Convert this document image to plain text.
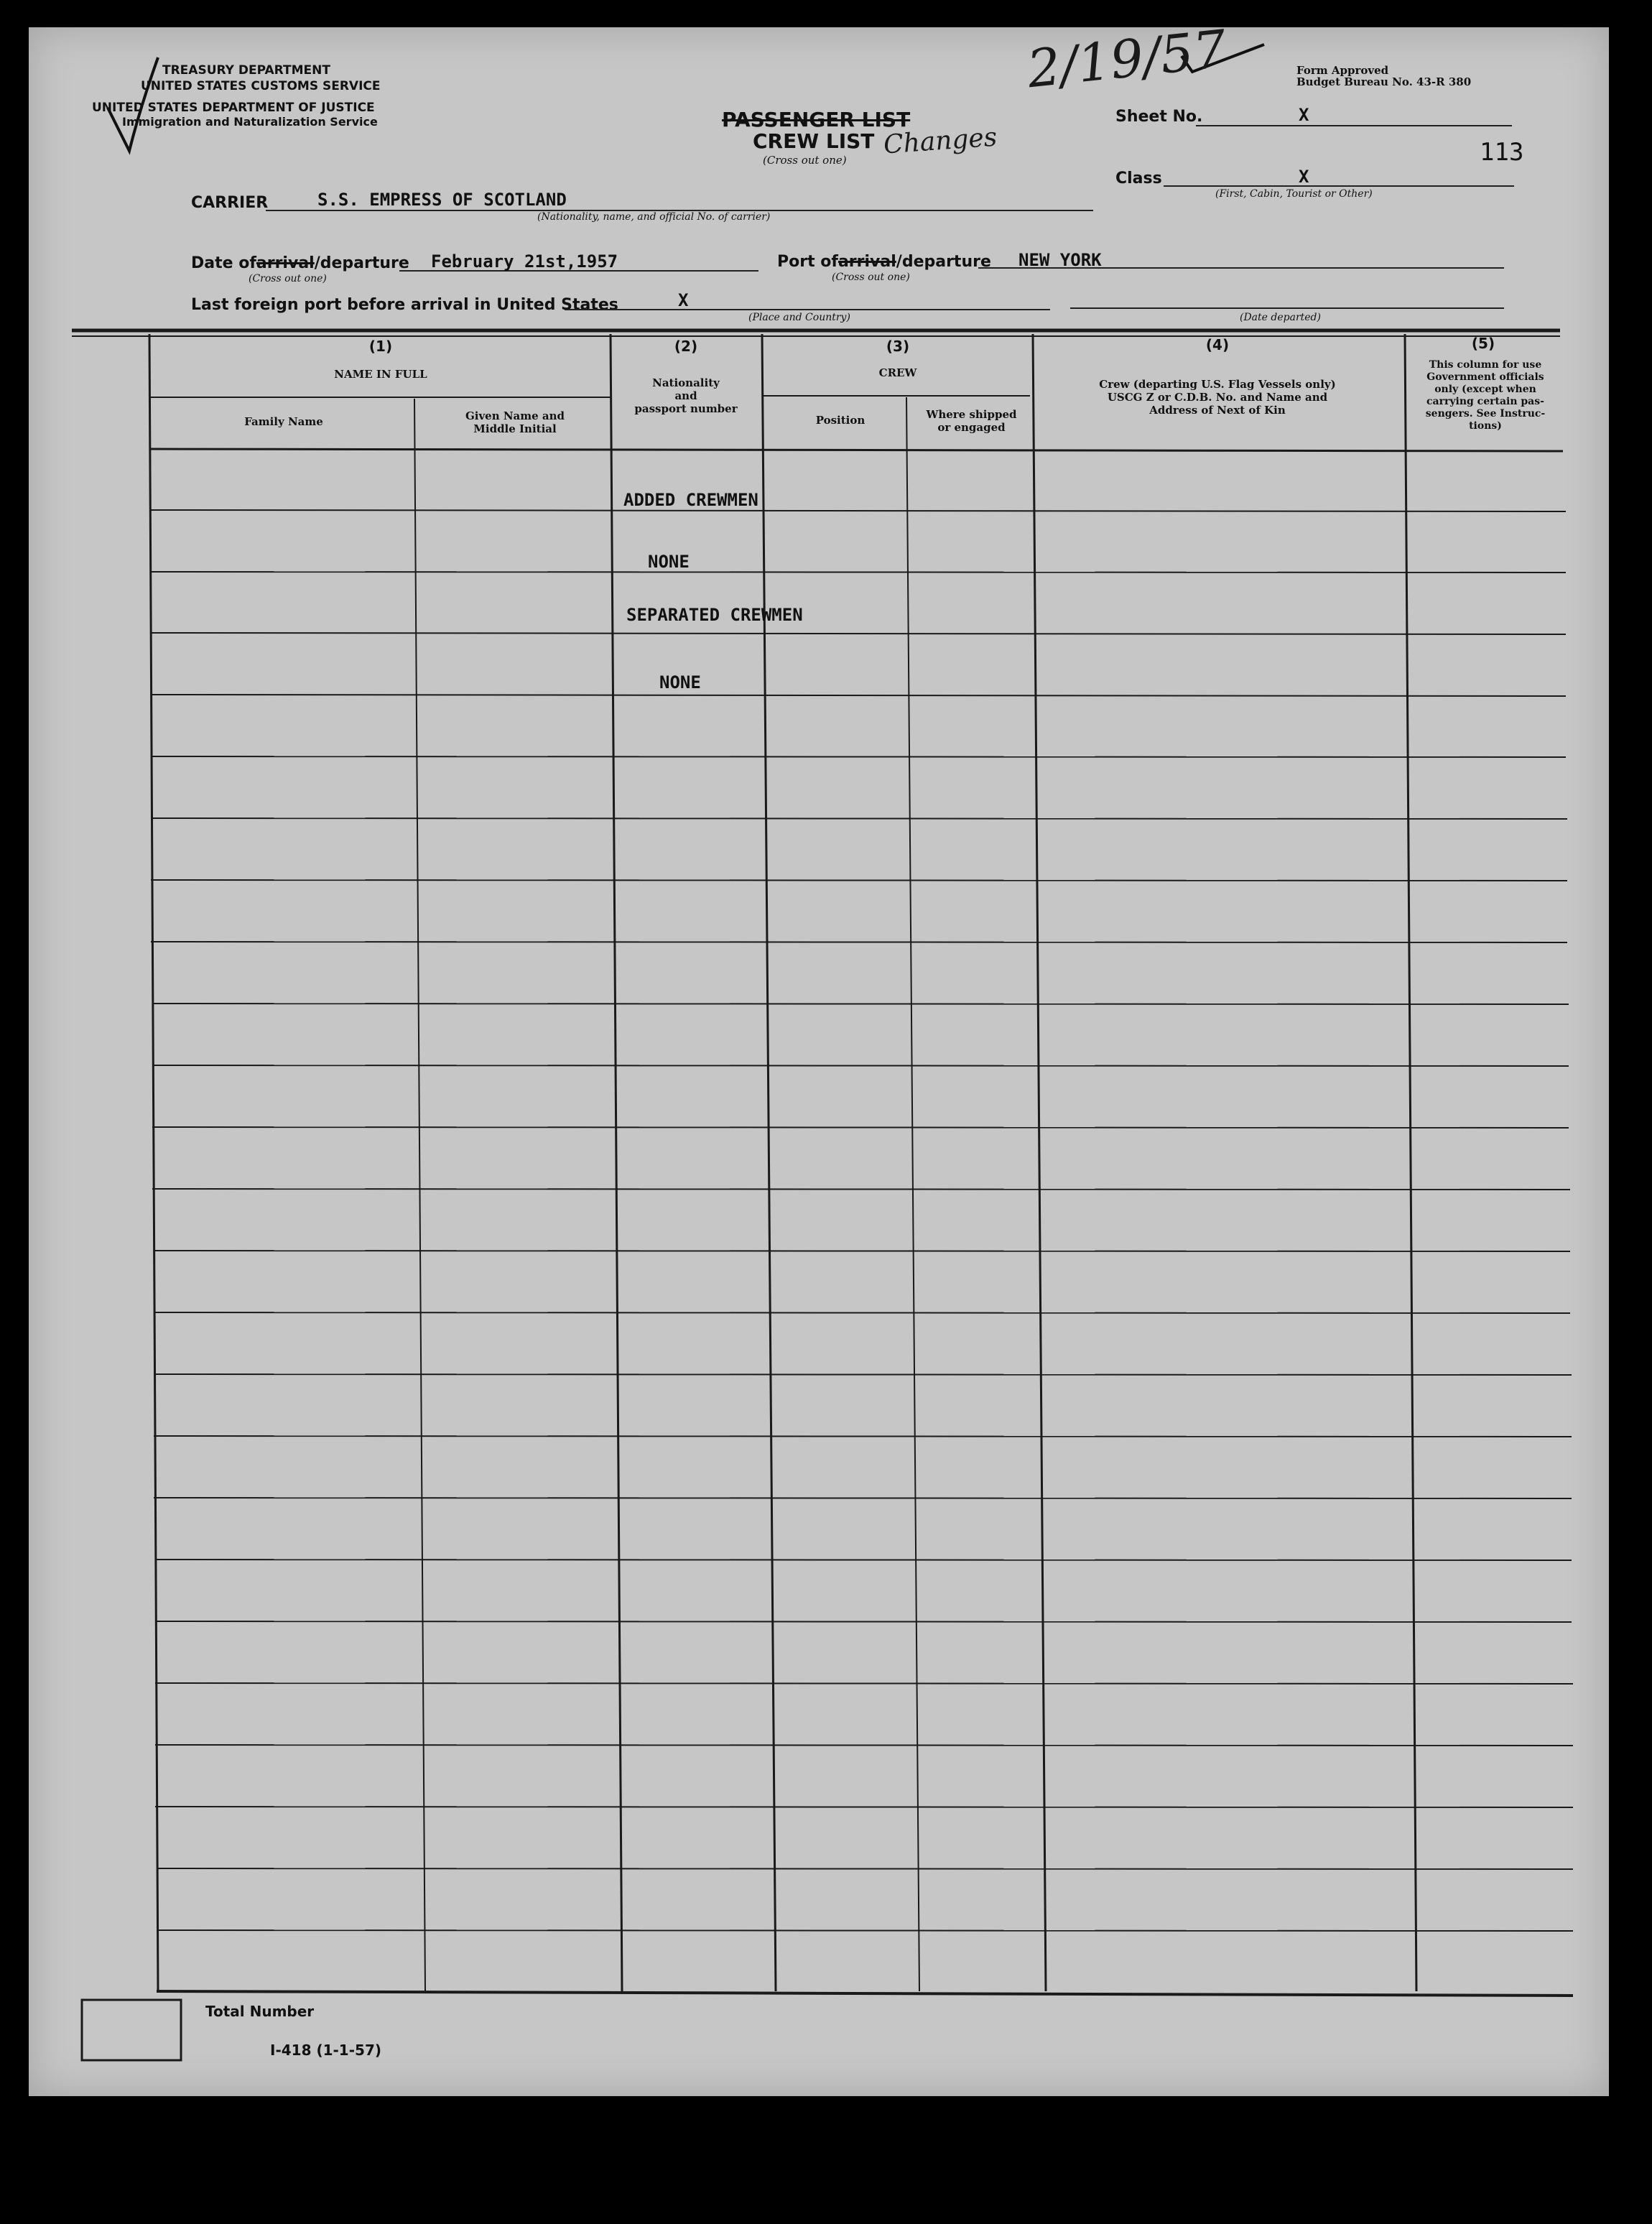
TREASURY DEPARTMENT
UNITED STATES CUSTOMS SERVICE
UNITED STATES DEPARTMENT OF JUSTICE
Immigration and Naturalization Service
2/19/57	Form Approved
Budget Bureau No. 43-R 380
PASSENGER LIST
CREW LIST
(Cross out one)
Changes
Sheet No.	X
113
Class	X
(First, Cabin, Tourist or Other)
CARRIER	S.S. EMPRESS OF SCOTLAND
(Nationality, name, and official No. of carrier)
Date ofarrival/departure
(Cross out one)
February 21st,1957	Port ofarrival/departure
(Cross out one)
NEW YORK
Last foreign port before arrival in United States	X
(Place and Country)	(Date departed)
(1)
NAME IN FULL
Family Name	Given Name and
Middle Initial
(2)
Nationality
and
passport number
(3)
CREW
Position	Where shipped
or engaged
(4)
Crew (departing U.S. Flag Vessels only)
USCG Z or C.D.B. No. and Name and
Address of Next of Kin
(5)
This column for use
Government officials
only (except when
carrying certain pas-
sengers. See Instruc-
tions)
ADDED CREWMEN
NONE
SEPARATED CREWMEN
NONE
Total Number
I-418 (1-1-57)
